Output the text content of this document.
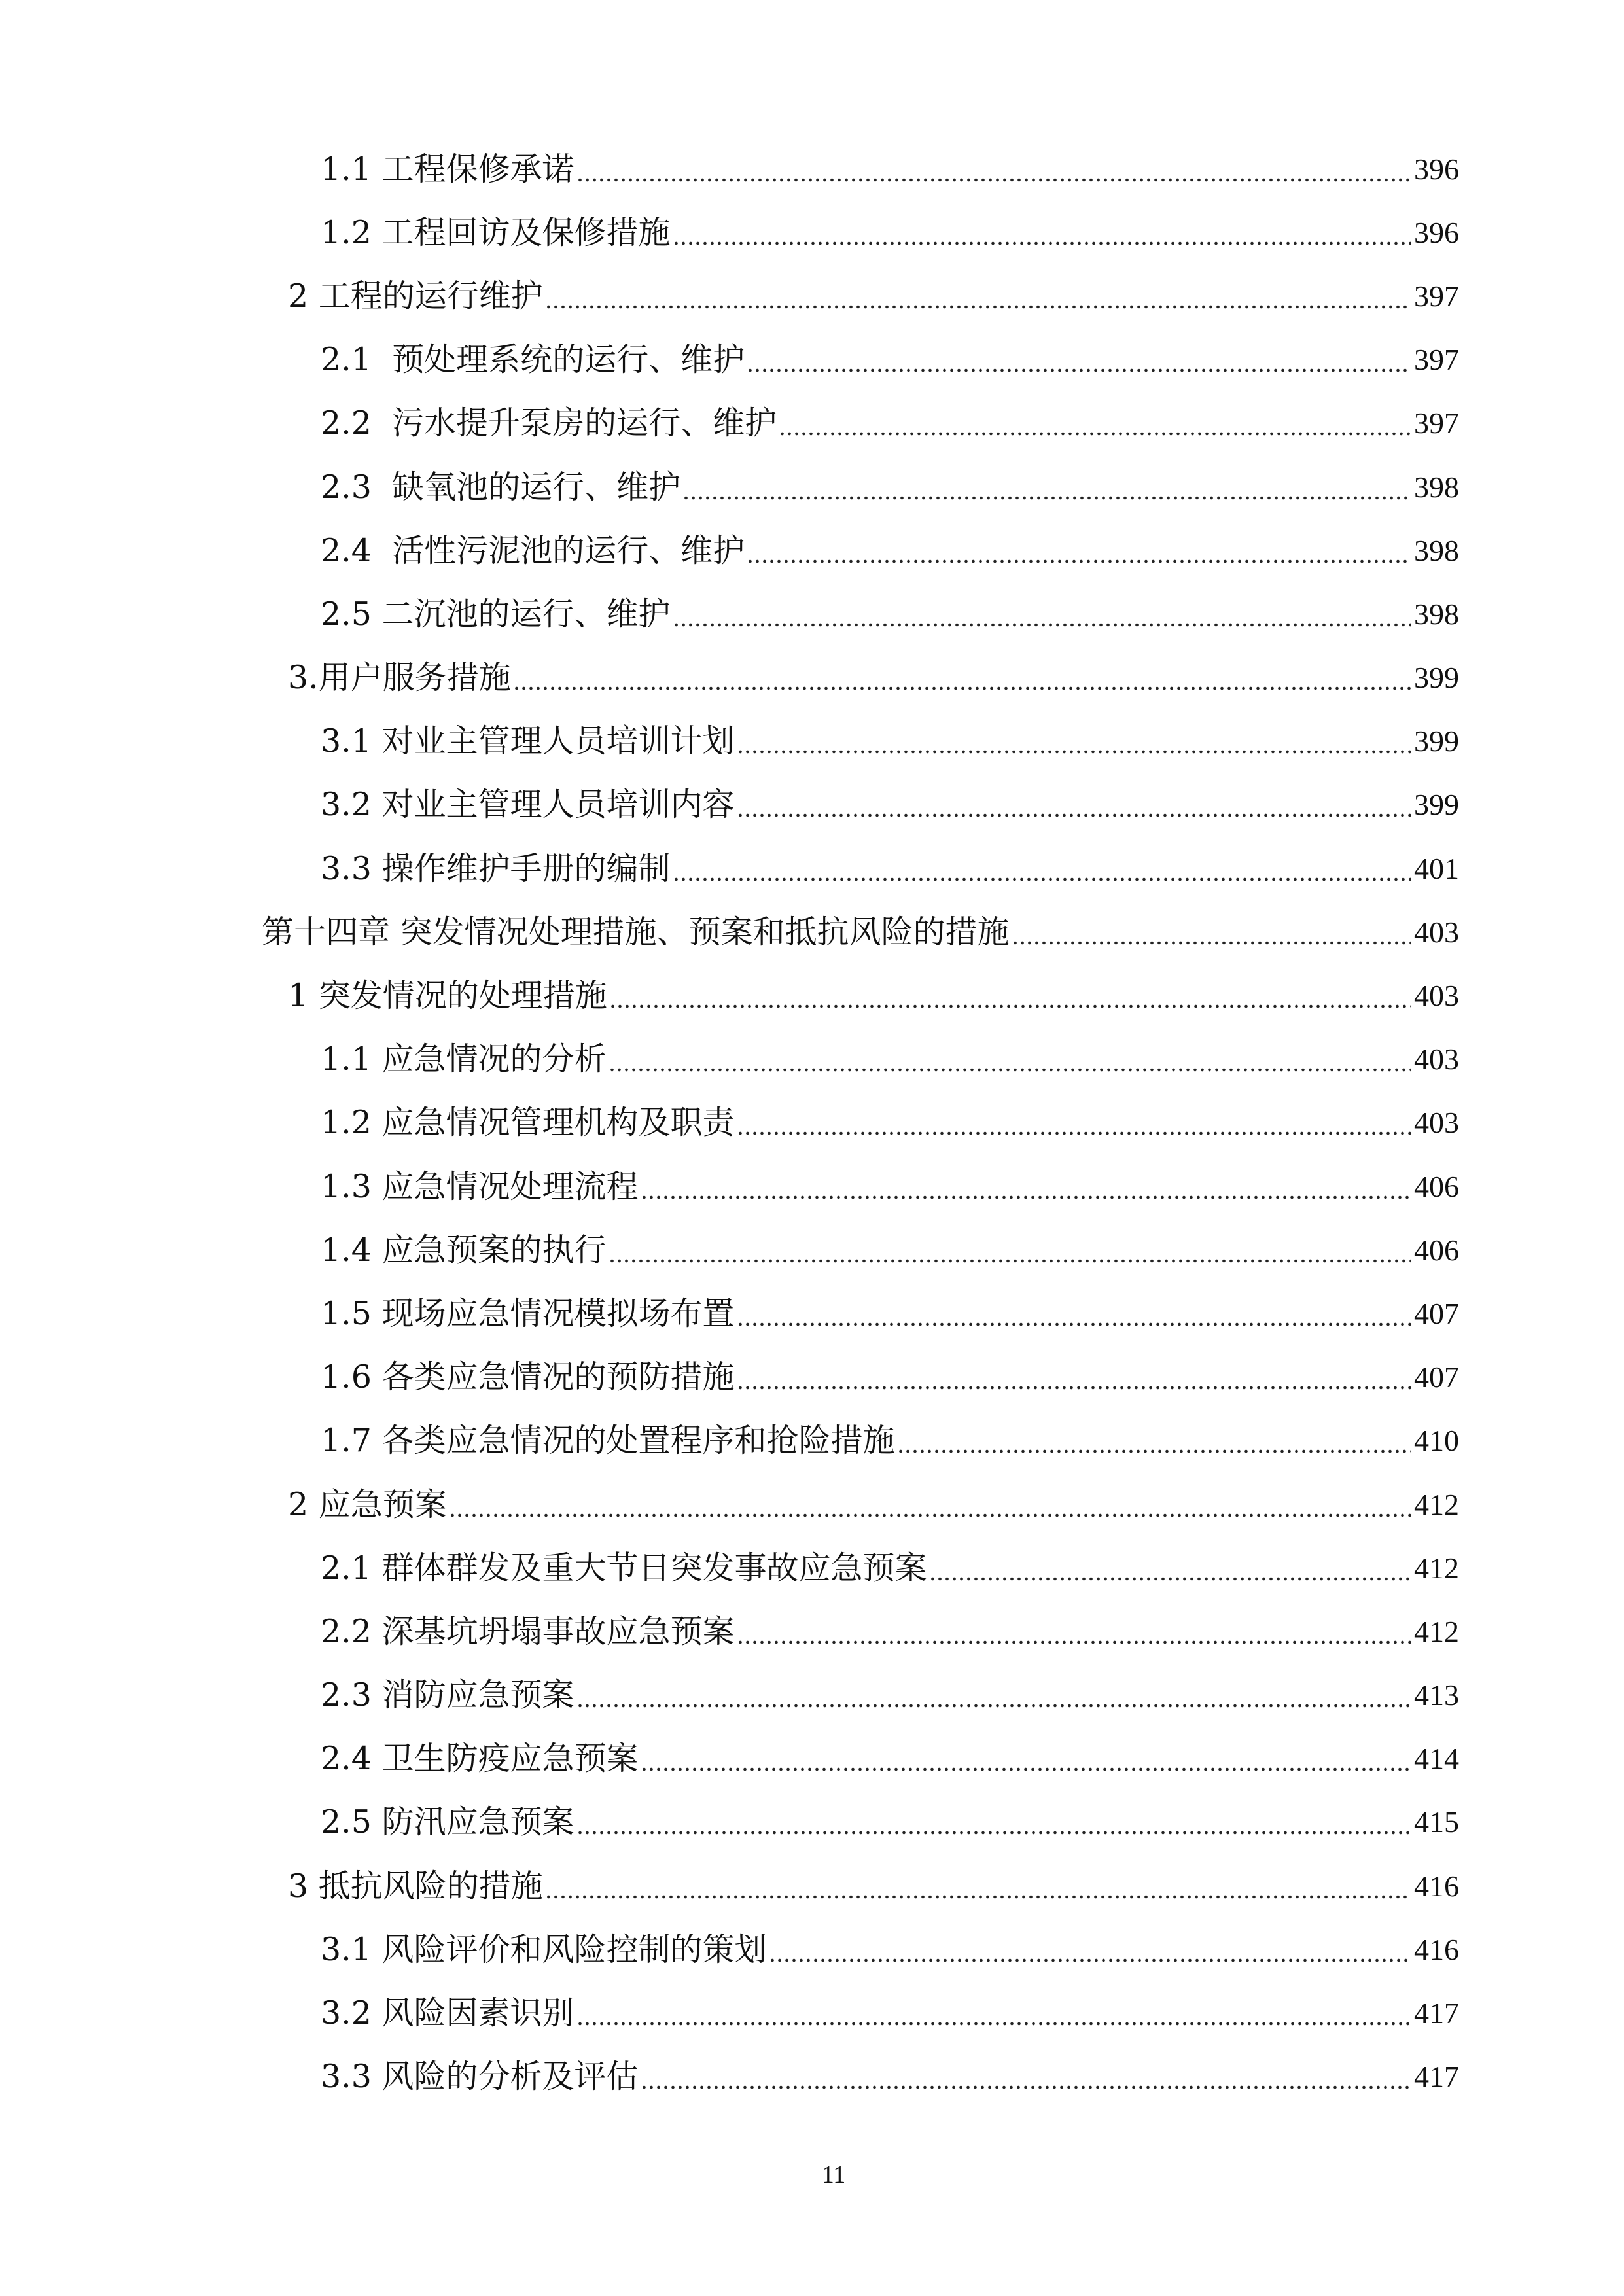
1.1 工程保修承诺	396
1.2 工程回访及保修措施	396
2 工程的运行维护	397
2.1  预处理系统的运行、维护	397
2.2  污水提升泵房的运行、维护	397
2.3  缺氧池的运行、维护	398
2.4  活性污泥池的运行、维护	398
2.5 二沉池的运行、维护	398
3.用户服务措施	399
3.1 对业主管理人员培训计划	399
3.2 对业主管理人员培训内容	399
3.3 操作维护手册的编制	401
第十四章 突发情况处理措施、预案和抵抗风险的措施	403
1 突发情况的处理措施	403
1.1 应急情况的分析	403
1.2 应急情况管理机构及职责	403
1.3 应急情况处理流程	406
1.4 应急预案的执行	406
1.5 现场应急情况模拟场布置	407
1.6 各类应急情况的预防措施	407
1.7 各类应急情况的处置程序和抢险措施	410
2 应急预案	412
2.1 群体群发及重大节日突发事故应急预案	412
2.2 深基坑坍塌事故应急预案	412
2.3 消防应急预案	413
2.4 卫生防疫应急预案	414
2.5 防汛应急预案	415
3 抵抗风险的措施	416
3.1 风险评价和风险控制的策划	416
3.2 风险因素识别	417
3.3 风险的分析及评估	417
11
